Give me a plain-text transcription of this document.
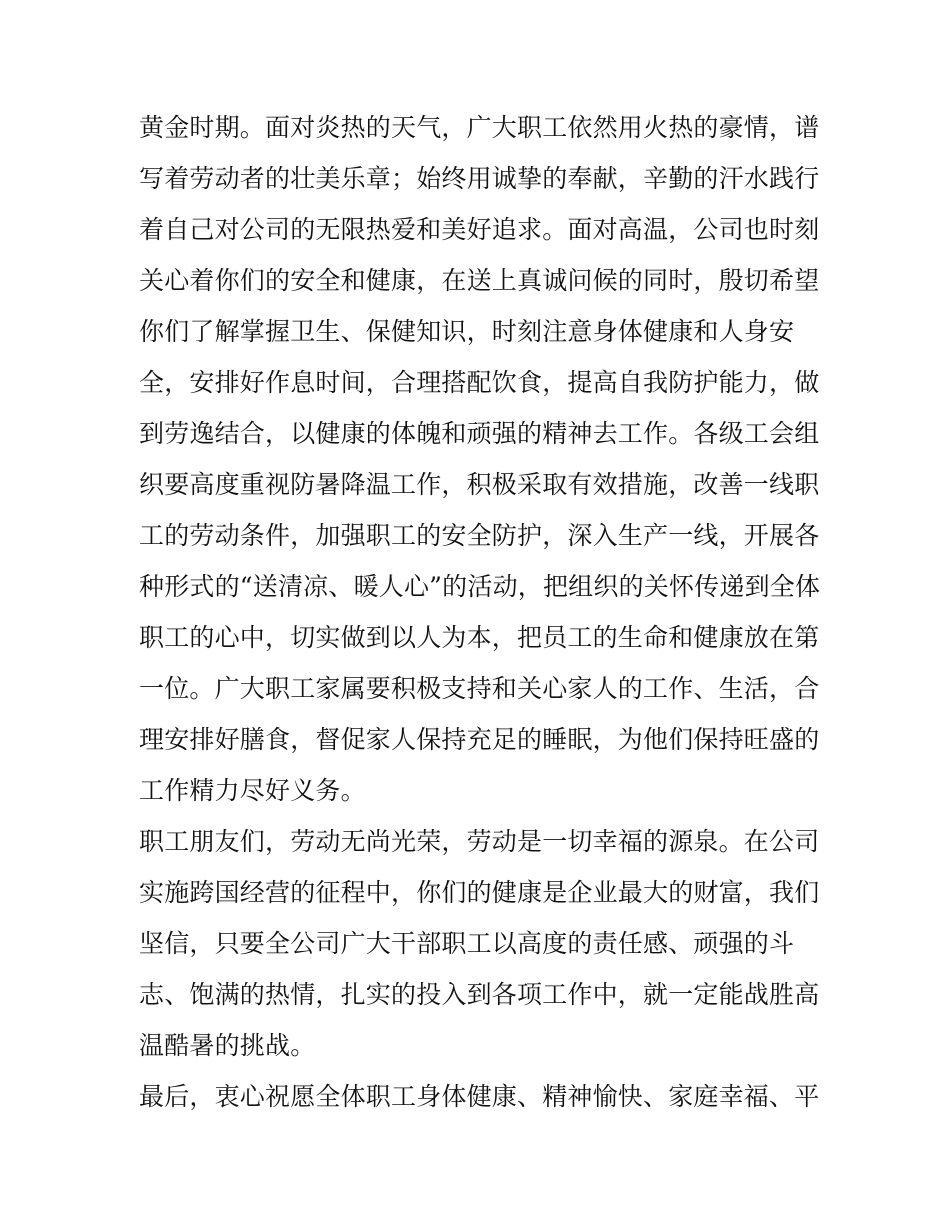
黄金时期。面对炎热的天气，广大职工依然用火热的豪情，谱
写着劳动者的壮美乐章；始终用诚挚的奉献，辛勤的汗水践行
着自己对公司的无限热爱和美好追求。面对高温，公司也时刻
关心着你们的安全和健康，在送上真诚问候的同时，殷切希望
你们了解掌握卫生、保健知识，时刻注意身体健康和人身安
全，安排好作息时间，合理搭配饮食，提高自我防护能力，做
到劳逸结合，以健康的体魄和顽强的精神去工作。各级工会组
织要高度重视防暑降温工作，积极采取有效措施，改善一线职
工的劳动条件，加强职工的安全防护，深入生产一线，开展各
种形式的“送清凉、暖人心”的活动，把组织的关怀传递到全体
职工的心中，切实做到以人为本，把员工的生命和健康放在第
一位。广大职工家属要积极支持和关心家人的工作、生活，合
理安排好膳食，督促家人保持充足的睡眠，为他们保持旺盛的
工作精力尽好义务。
职工朋友们，劳动无尚光荣，劳动是一切幸福的源泉。在公司
实施跨国经营的征程中，你们的健康是企业最大的财富，我们
坚信，只要全公司广大干部职工以高度的责任感、顽强的斗
志、饱满的热情，扎实的投入到各项工作中，就一定能战胜高
温酷暑的挑战。
最后，衷心祝愿全体职工身体健康、精神愉快、家庭幸福、平
